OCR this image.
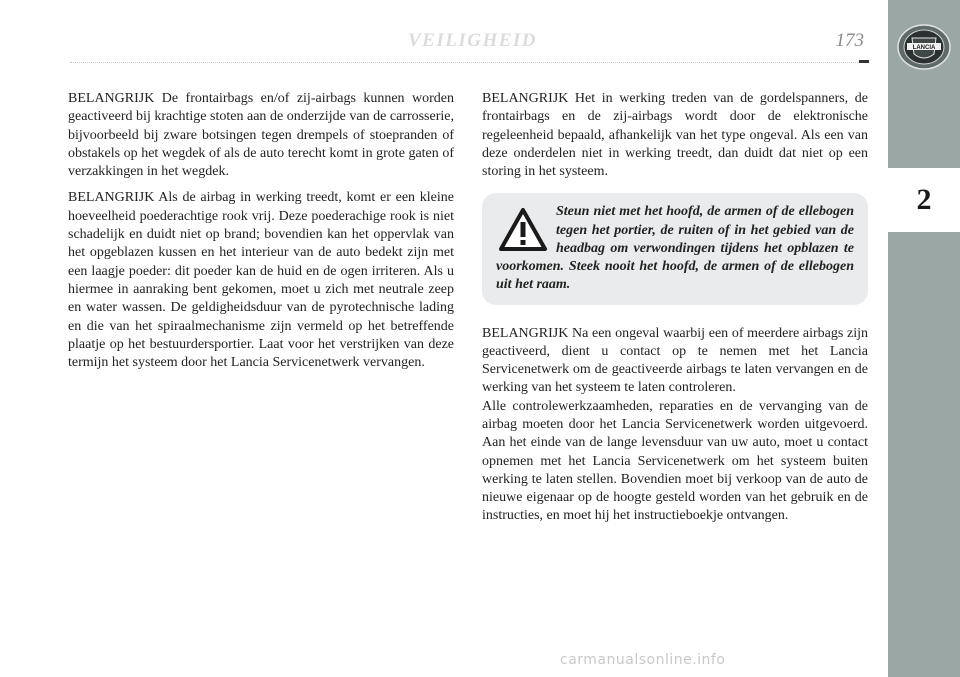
VEILIGHEID	173

BELANGRIJK De frontairbags en/of zij-airbags kunnen worden geactiveerd bij krachtige stoten aan de onderzijde van de carrosserie, bijvoorbeeld bij zware botsingen tegen drempels of stoepranden of obstakels op het wegdek of als de auto terecht komt in grote gaten of verzakkingen in het wegdek.

BELANGRIJK Als de airbag in werking treedt, komt er een kleine hoeveelheid poederachtige rook vrij. Deze poederachige rook is niet schadelijk en duidt niet op brand; bovendien kan het oppervlak van het opgeblazen kussen en het interieur van de auto bedekt zijn met een laagje poeder: dit poeder kan de huid en de ogen irriteren. Als u hiermee in aanraking bent gekomen, moet u zich met neutrale zeep en water wassen. De geldigheidsduur van de pyrotechnische lading en die van het spiraalmechanisme zijn vermeld op het betreffende plaatje op het bestuurdersportier. Laat voor het verstrijken van deze termijn het systeem door het Lancia Servicenetwerk vervangen.

BELANGRIJK Het in werking treden van de gordelspanners, de frontairbags en de zij-airbags wordt door de elektronische regeleenheid bepaald, afhankelijk van het type ongeval. Als een van deze onderdelen niet in werking treedt, dan duidt dat niet op een storing in het systeem.

Steun niet met het hoofd, de armen of de ellebogen tegen het portier, de ruiten of in het gebied van de headbag om verwondingen tijdens het opblazen te voorkomen. Steek nooit het hoofd, de armen of de ellebogen uit het raam.

BELANGRIJK Na een ongeval waarbij een of meerdere airbags zijn geactiveerd, dient u contact op te nemen met het Lancia Servicenetwerk om de geactiveerde airbags te laten vervangen en de werking van het systeem te laten controleren.

Alle controlewerkzaamheden, reparaties en de vervanging van de airbag moeten door het Lancia Servicenetwerk worden uitgevoerd. Aan het einde van de lange levensduur van uw auto, moet u contact opnemen met het Lancia Servicenetwerk om het systeem buiten werking te laten stellen. Bovendien moet bij verkoop van de auto de nieuwe eigenaar op de hoogte gesteld worden van het gebruik en de instructies, en moet hij het instructieboekje ontvangen.

LANCIA
2
carmanualsonline.info
